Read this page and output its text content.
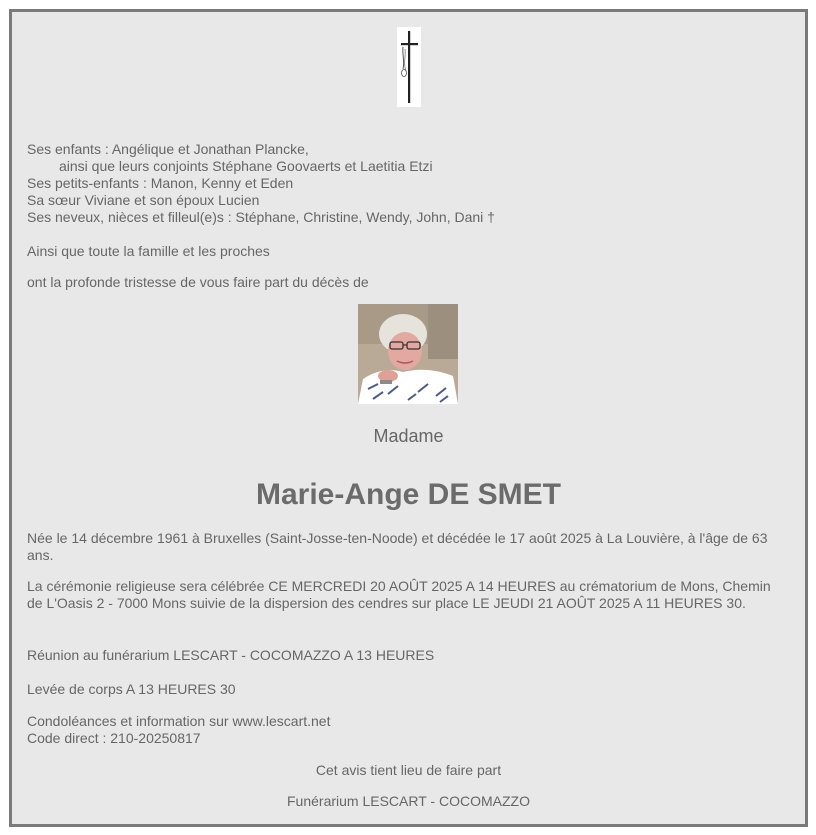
Ses enfants : Angélique et Jonathan Plancke,
ainsi que leurs conjoints Stéphane Goovaerts et Laetitia Etzi
Ses petits-enfants : Manon, Kenny et Eden
Sa sœur Viviane et son époux Lucien
Ses neveux, nièces et filleul(e)s : Stéphane, Christine, Wendy, John, Dani †
Ainsi que toute la famille et les proches
ont la profonde tristesse de vous faire part du décès de
Madame
Marie-Ange DE SMET
Née le 14 décembre 1961 à Bruxelles (Saint-Josse-ten-Noode) et décédée le 17 août 2025 à La Louvière, à l'âge de 63 ans.
La cérémonie religieuse sera célébrée CE MERCREDI 20 AOÛT 2025 A 14 HEURES au crématorium de Mons, Chemin de L'Oasis 2 - 7000 Mons suivie de la dispersion des cendres sur place LE JEUDI 21 AOÛT 2025 A 11 HEURES 30.
Réunion au funérarium LESCART - COCOMAZZO A 13 HEURES
Levée de corps A 13 HEURES 30
Condoléances et information sur www.lescart.net
Code direct : 210-20250817
Cet avis tient lieu de faire part
Funérarium LESCART - COCOMAZZO
